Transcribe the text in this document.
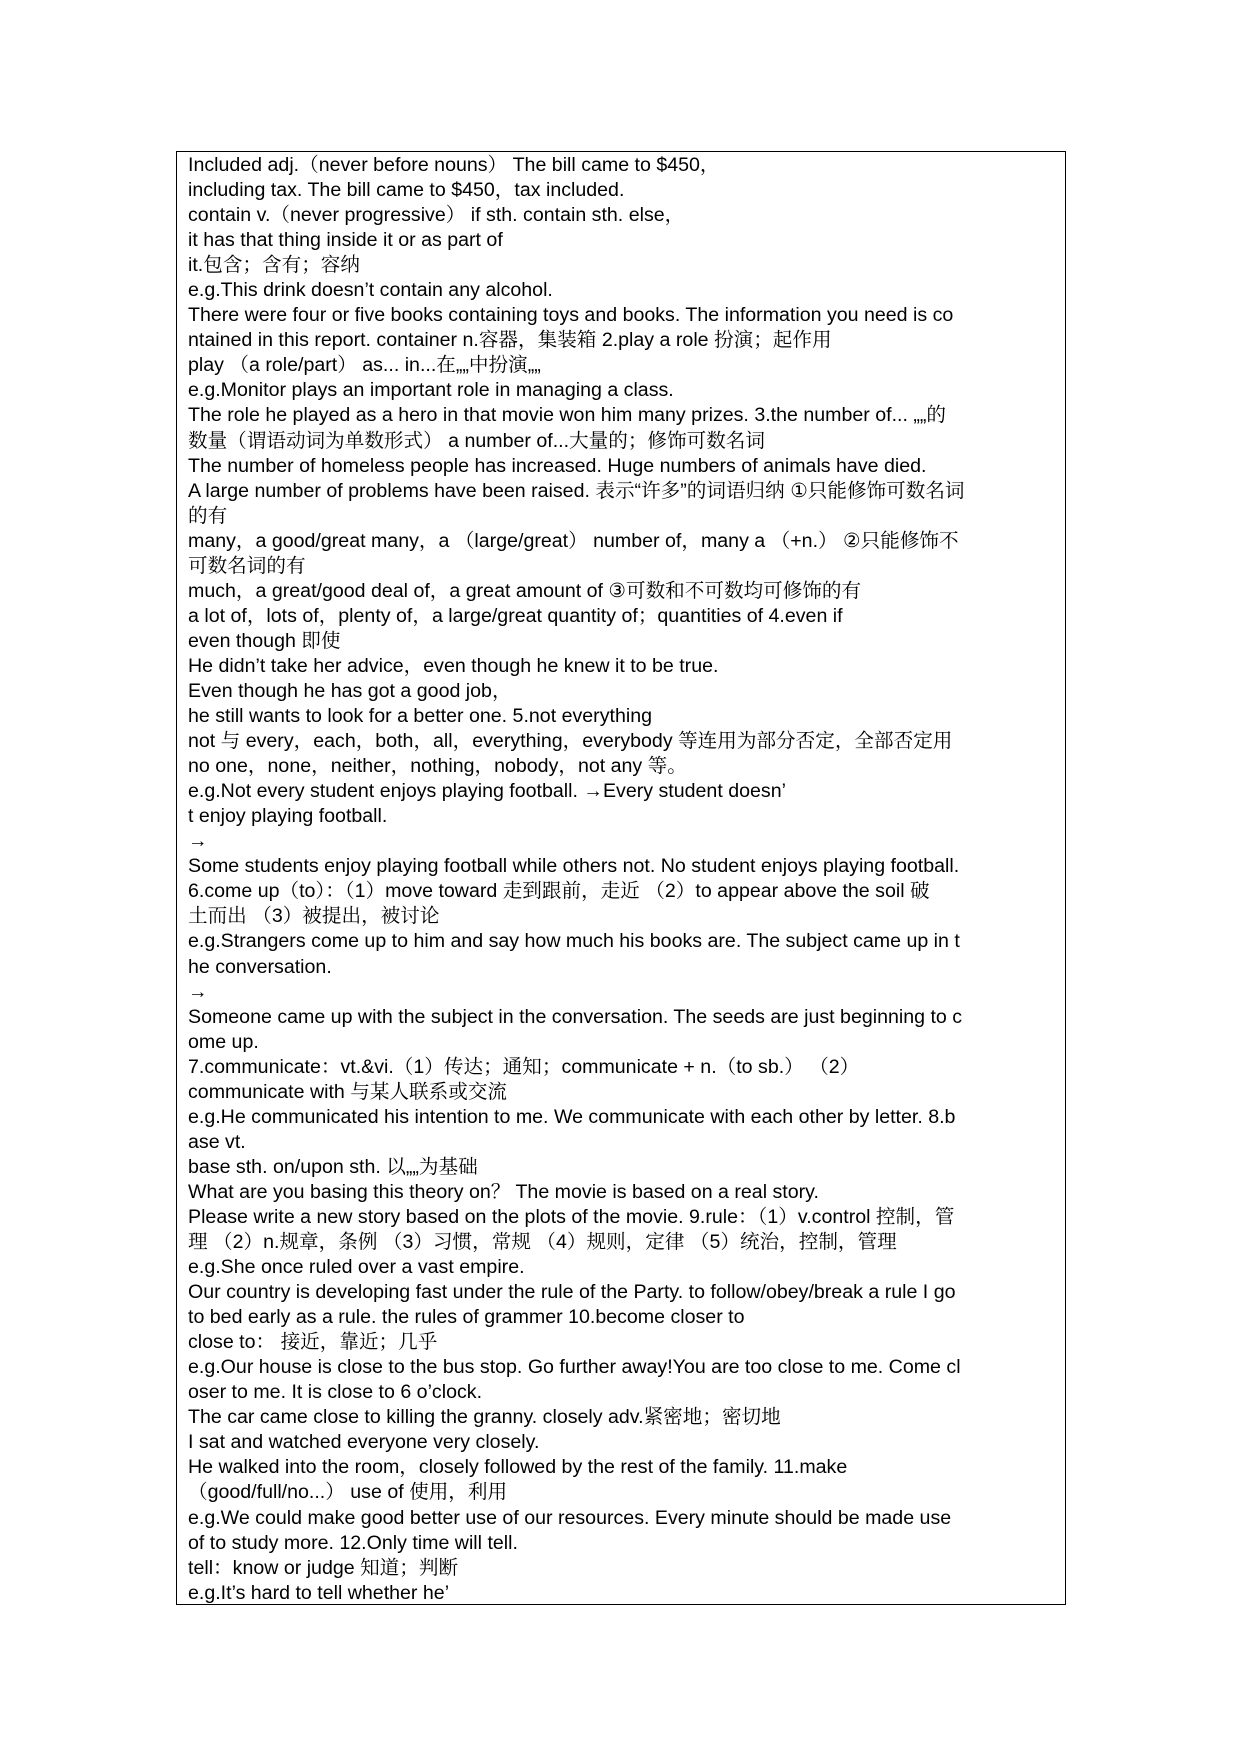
Included adj.（never before nouns） The bill came to $450，
including tax. The bill came to $450，tax included.
contain v.（never progressive） if sth. contain sth. else，
it has that thing inside it or as part of
it.包含；含有；容纳
e.g.This drink doesn’t contain any alcohol.
There were four or five books containing toys and books. The information you need is co
ntained in this report. container n.容器，集装箱 2.play a role 扮演；起作用
play （a role/part） as... in...在„„中扮演„„
e.g.Monitor plays an important role in managing a class.
The role he played as a hero in that movie won him many prizes. 3.the number of... „„的
数量（谓语动词为单数形式） a number of...大量的；修饰可数名词
The number of homeless people has increased. Huge numbers of animals have died.
A large number of problems have been raised. 表示“许多”的词语归纳 ①只能修饰可数名词
的有
many，a good/great many，a （large/great） number of，many a （+n.） ②只能修饰不
可数名词的有
much，a great/good deal of，a great amount of ③可数和不可数均可修饰的有
a lot of，lots of，plenty of，a large/great quantity of；quantities of 4.even if
even though 即使
He didn’t take her advice，even though he knew it to be true.
Even though he has got a good job，
he still wants to look for a better one. 5.not everything
not 与 every，each，both，all，everything，everybody 等连用为部分否定，全部否定用
no one，none，neither，nothing，nobody，not any 等。
e.g.Not every student enjoys playing football. →Every student doesn’
t enjoy playing football.
→
Some students enjoy playing football while others not. No student enjoys playing football.
6.come up（to）：（1）move toward 走到跟前，走近 （2）to appear above the soil 破
土而出 （3）被提出，被讨论
e.g.Strangers come up to him and say how much his books are. The subject came up in t
he conversation.
→
Someone came up with the subject in the conversation. The seeds are just beginning to c
ome up.
7.communicate：vt.&vi.（1）传达；通知；communicate + n.（to sb.） （2）
communicate with 与某人联系或交流
e.g.He communicated his intention to me. We communicate with each other by letter. 8.b
ase vt.
base sth. on/upon sth. 以„„为基础
What are you basing this theory on？ The movie is based on a real story.
Please write a new story based on the plots of the movie. 9.rule：（1）v.control 控制，管
理 （2）n.规章，条例 （3）习惯，常规 （4）规则，定律 （5）统治，控制，管理
e.g.She once ruled over a vast empire.
Our country is developing fast under the rule of the Party. to follow/obey/break a rule I go
to bed early as a rule. the rules of grammer 10.become closer to
close to： 接近，靠近；几乎
e.g.Our house is close to the bus stop. Go further away!You are too close to me. Come cl
oser to me. It is close to 6 o’clock.
The car came close to killing the granny. closely adv.紧密地；密切地
I sat and watched everyone very closely.
He walked into the room，closely followed by the rest of the family. 11.make
（good/full/no...） use of 使用，利用
e.g.We could make good better use of our resources. Every minute should be made use
of to study more. 12.Only time will tell.
tell：know or judge 知道；判断
e.g.It’s hard to tell whether he’
